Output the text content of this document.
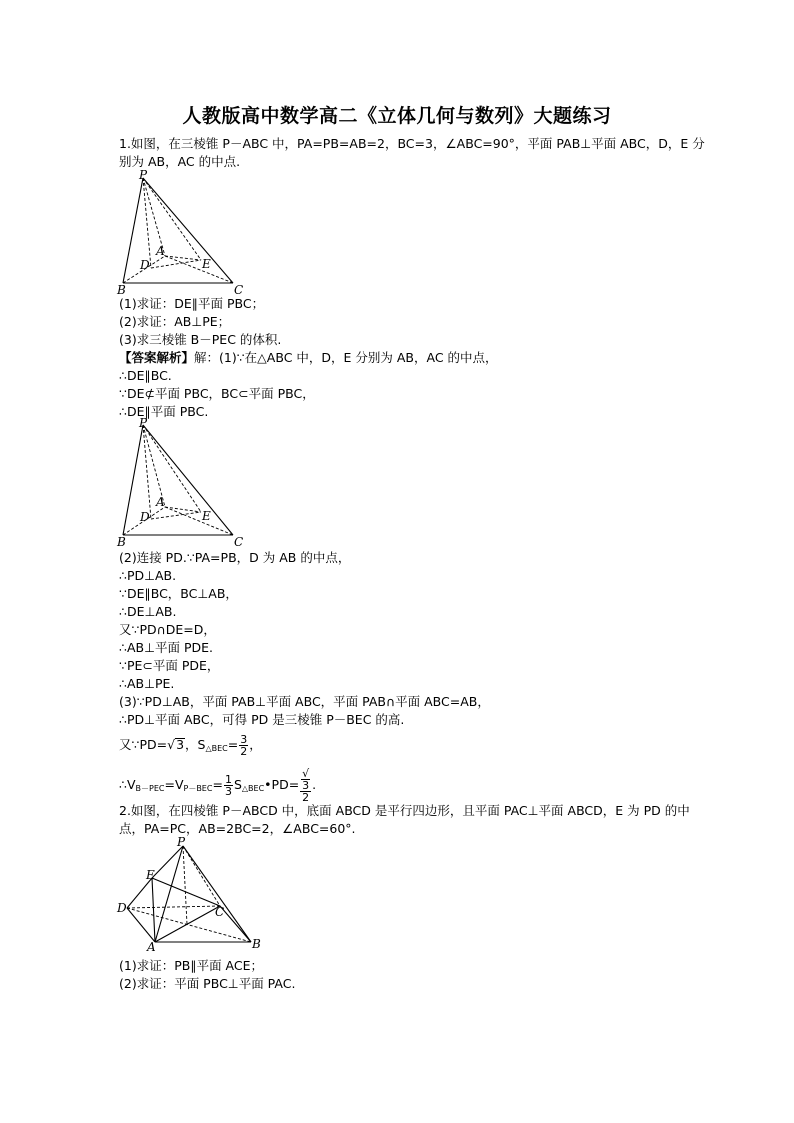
人教版高中数学高二《立体几何与数列》大题练习
1.如图，在三棱锥 P－ABC 中，PA=PB=AB=2，BC=3，∠ABC=90°，平面 PAB⊥平面 ABC，D，E 分
别为 AB，AC 的中点.
P
A
B	C
D	E
(1)求证：DE∥平面 PBC；
(2)求证：AB⊥PE；
(3)求三棱锥 B－PEC 的体积.
【答案解析】解：(1)∵在△ABC 中，D，E 分别为 AB，AC 的中点，
∴DE∥BC.
∵DE⊄平面 PBC，BC⊂平面 PBC，
∴DE∥平面 PBC.
P
A
B	C
D	E
(2)连接 PD.∵PA=PB，D 为 AB 的中点，
∴PD⊥AB.
∵DE∥BC，BC⊥AB，
∴DE⊥AB.
又∵PD∩DE=D，
∴AB⊥平面 PDE.
∵PE⊂平面 PDE，
∴AB⊥PE.
(3)∵PD⊥AB，平面 PAB⊥平面 ABC，平面 PAB∩平面 ABC=AB，
∴PD⊥平面 ABC，可得 PD 是三棱锥 P－BEC 的高.
又∵PD=√3，$S_{\triangle BEC}= \frac{3}{2}$ ，
$\therefore V_{B-PEC}=V_{P-BEC}= \frac{1}{3}$ $S_{\triangle BEC}•PD=$ √
3
2 .
2.如图，在四棱锥 P－ABCD 中，底面 ABCD 是平行四边形，且平面 PAC⊥平面 ABCD，E 为 PD 的中
点，PA=PC，AB=2BC=2，∠ABC=60°.
P
E
D	C
A	B
(1)求证：PB∥平面 ACE；
(2)求证：平面 PBC⊥平面 PAC.
